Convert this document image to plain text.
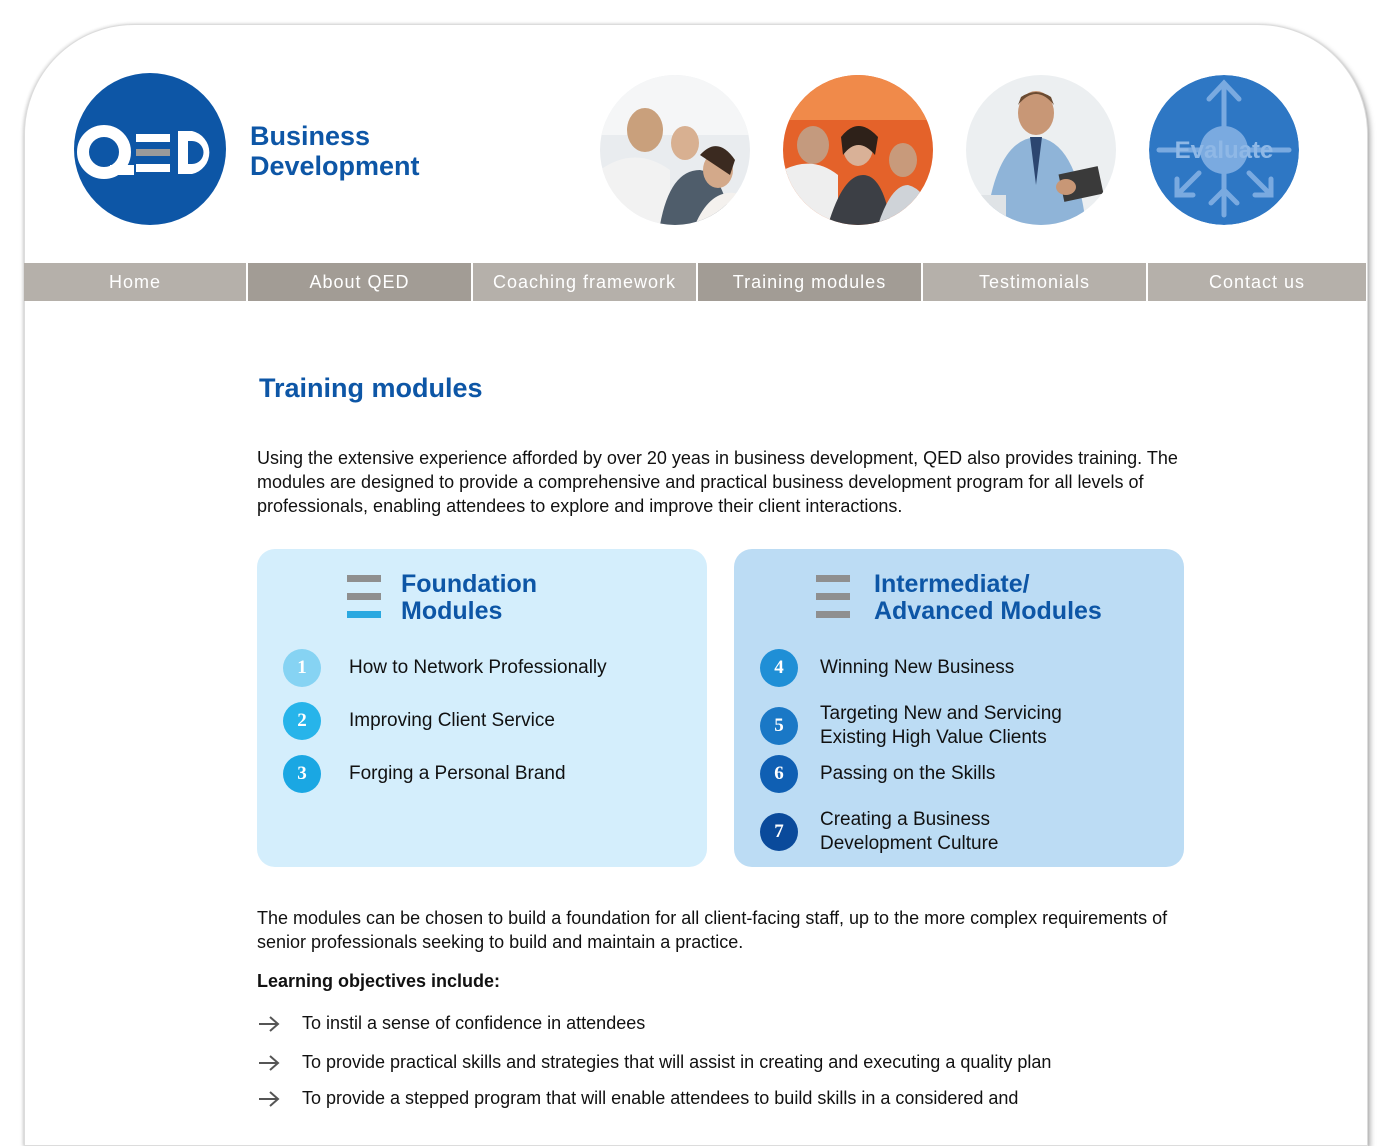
Business
Development
Evaluate
Home	About QED	Coaching framework	Training modules	Testimonials	Contact us
Training modules
Using the extensive experience afforded by over 20 yeas in business development, QED also provides training. The modules are designed to provide a comprehensive and practical business development program for all levels of professionals, enabling attendees to explore and improve their client interactions.
Foundation
Modules
1	How to Network Professionally
2	Improving Client Service
3	Forging a Personal Brand
Intermediate/
Advanced Modules
4	Winning New Business
5
Targeting New and Servicing
Existing High Value Clients
6	Passing on the Skills
7
Creating a Business
Development Culture
The modules can be chosen to build a foundation for all client-facing staff, up to the more complex requirements of senior professionals seeking to build and maintain a practice.
Learning objectives include:
To instil a sense of confidence in attendees
To provide practical skills and strategies that will assist in creating and executing a quality plan
To provide a stepped program that will enable attendees to build skills in a considered and
